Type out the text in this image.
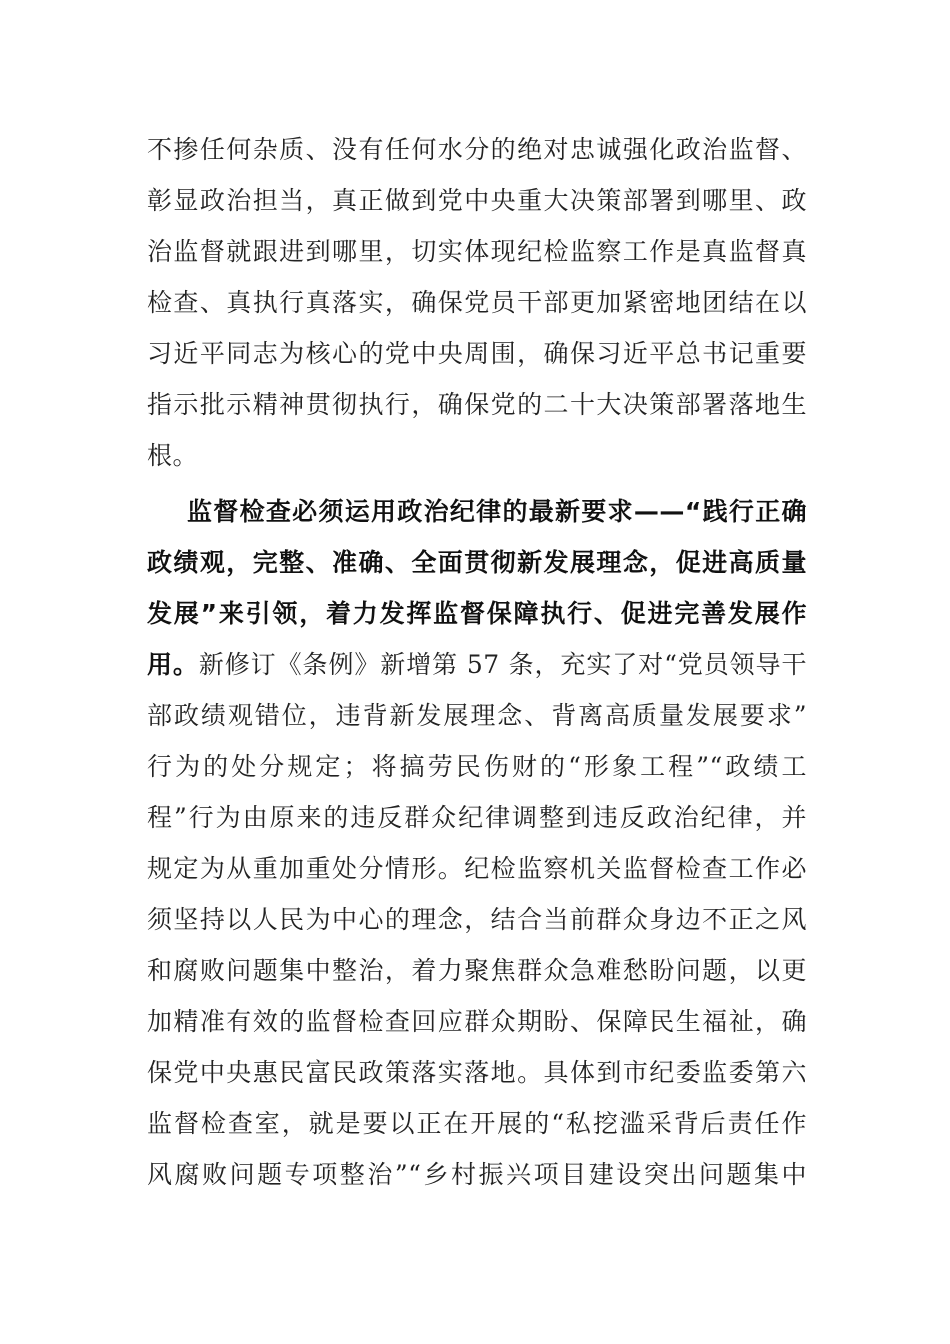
不掺任何杂质、没有任何水分的绝对忠诚强化政治监督、
彰显政治担当，真正做到党中央重大决策部署到哪里、政
治监督就跟进到哪里，切实体现纪检监察工作是真监督真
检查、真执行真落实，确保党员干部更加紧密地团结在以
习近平同志为核心的党中央周围，确保习近平总书记重要
指示批示精神贯彻执行，确保党的二十大决策部署落地生
根。
监督检查必须运用政治纪律的最新要求——“践行正确
政绩观，完整、准确、全面贯彻新发展理念，促进高质量
发展”来引领，着力发挥监督保障执行、促进完善发展作
用。新修订《条例》新增第 57 条，充实了对“党员领导干
部政绩观错位，违背新发展理念、背离高质量发展要求”
行为的处分规定；将搞劳民伤财的“形象工程”“政绩工
程”行为由原来的违反群众纪律调整到违反政治纪律，并
规定为从重加重处分情形。纪检监察机关监督检查工作必
须坚持以人民为中心的理念，结合当前群众身边不正之风
和腐败问题集中整治，着力聚焦群众急难愁盼问题，以更
加精准有效的监督检查回应群众期盼、保障民生福祉，确
保党中央惠民富民政策落实落地。具体到市纪委监委第六
监督检查室，就是要以正在开展的“私挖滥采背后责任作
风腐败问题专项整治”“乡村振兴项目建设突出问题集中
